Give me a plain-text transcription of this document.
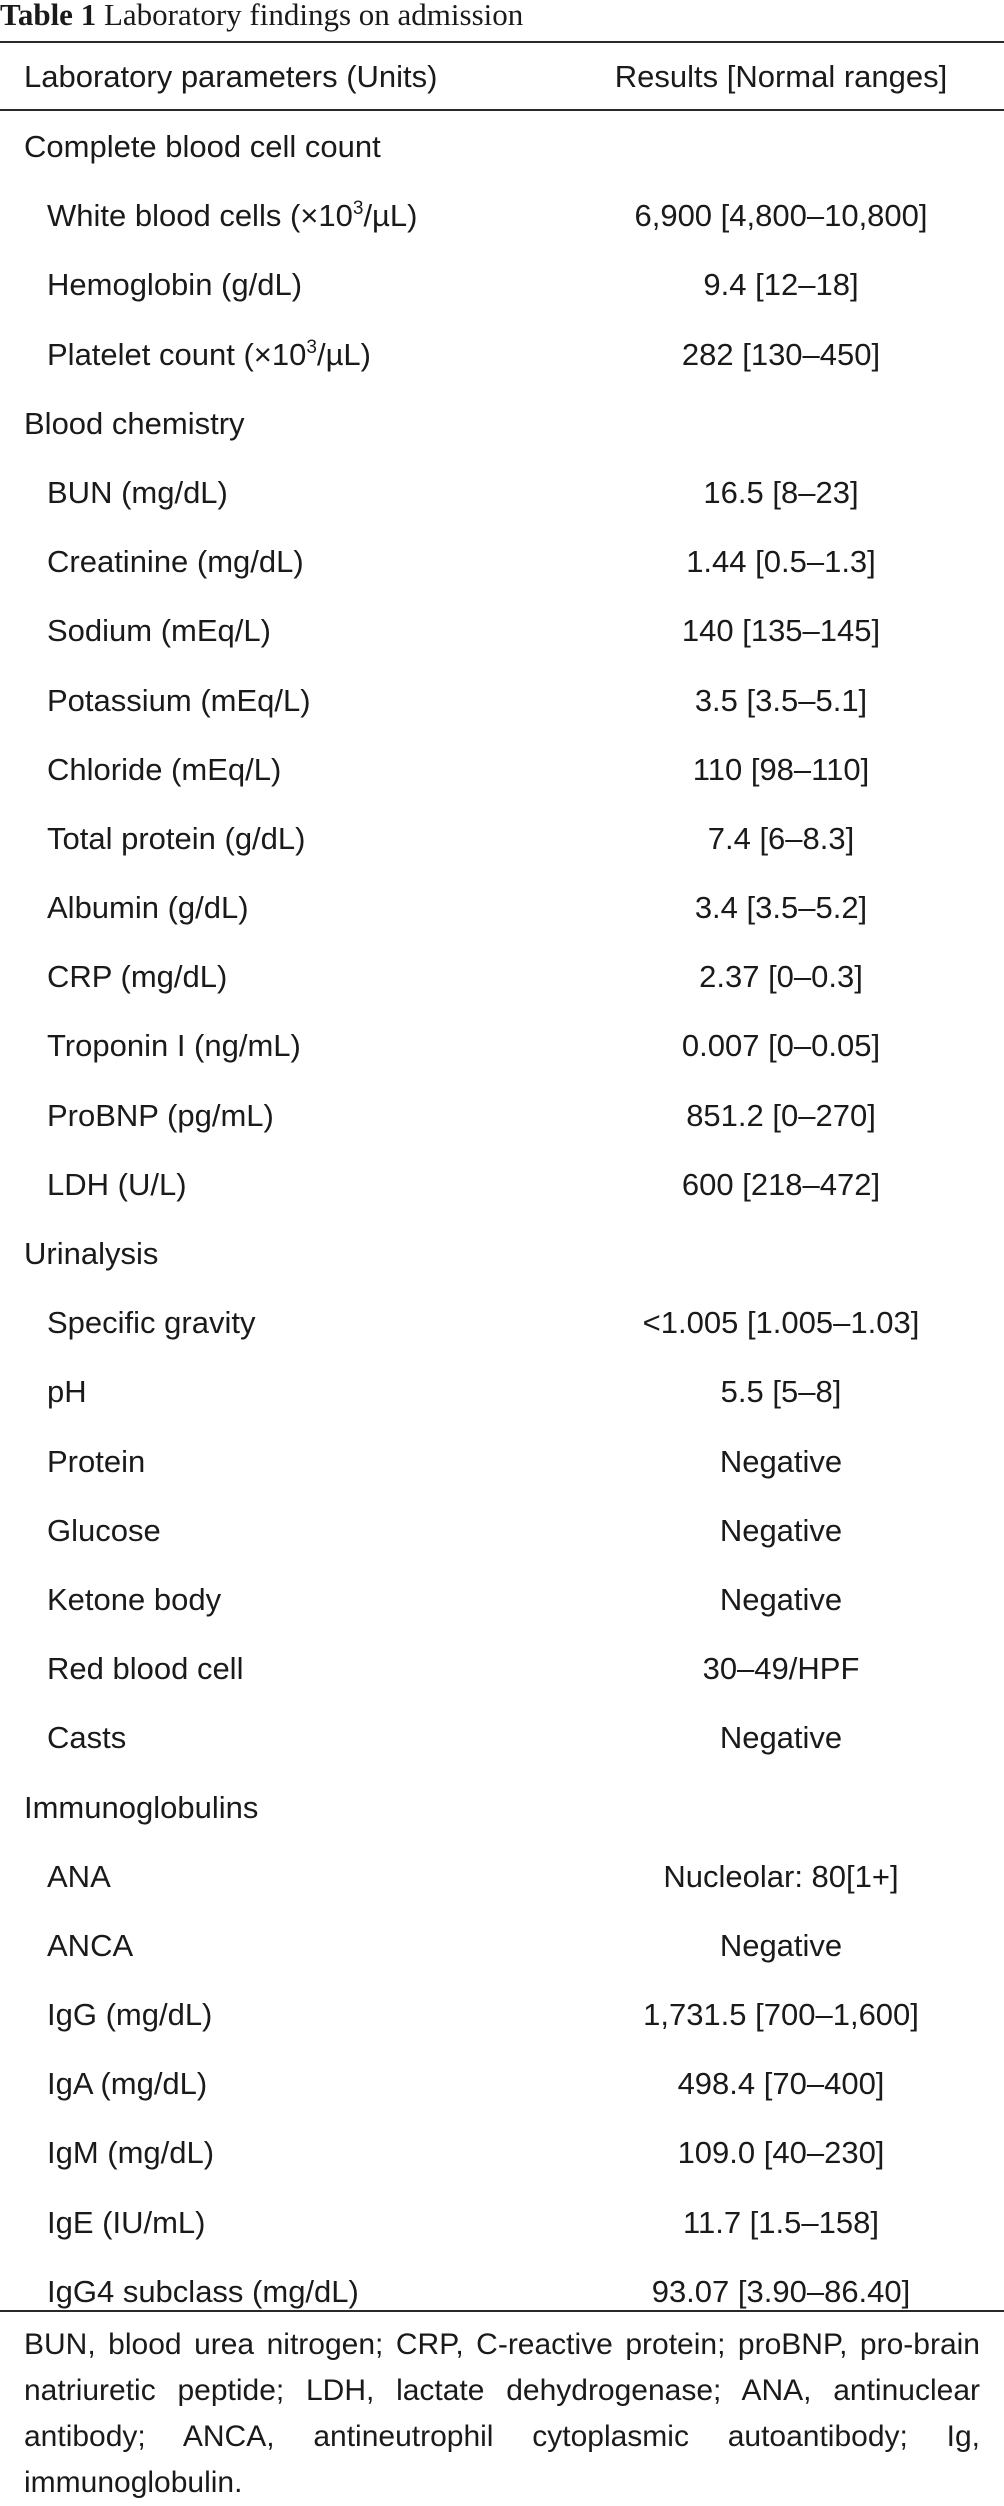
Table 1 Laboratory findings on admission
Laboratory parameters (Units)	Results [Normal ranges]
Complete blood cell count
White blood cells $(\times 10^3/\mu L)$	6,900 [4,800–10,800]
Hemoglobin (g/dL)	9.4 [12–18]
Platelet count $(\times 10^3/\mu L)$	282 [130–450]
Blood chemistry
BUN (mg/dL)	16.5 [8–23]
Creatinine (mg/dL)	1.44 [0.5–1.3]
Sodium (mEq/L)	140 [135–145]
Potassium (mEq/L)	3.5 [3.5–5.1]
Chloride (mEq/L)	110 [98–110]
Total protein (g/dL)	7.4 [6–8.3]
Albumin (g/dL)	3.4 [3.5–5.2]
CRP (mg/dL)	2.37 [0–0.3]
Troponin I (ng/mL)	0.007 [0–0.05]
ProBNP (pg/mL)	851.2 [0–270]
LDH (U/L)	600 [218–472]
Urinalysis
Specific gravity	<1.005 [1.005–1.03]
pH	5.5 [5–8]
Protein	Negative
Glucose	Negative
Ketone body	Negative
Red blood cell	30–49/HPF
Casts	Negative
Immunoglobulins
ANA	Nucleolar: 80[1+]
ANCA	Negative
IgG (mg/dL)	1,731.5 [700–1,600]
IgA (mg/dL)	498.4 [70–400]
IgM (mg/dL)	109.0 [40–230]
IgE (IU/mL)	11.7 [1.5–158]
IgG4 subclass (mg/dL)	93.07 [3.90–86.40]
BUN, blood urea nitrogen; CRP, C-reactive protein; proBNP, pro-brain natriuretic peptide; LDH, lactate dehydrogenase; ANA, antinuclear antibody; ANCA, antineutrophil cytoplasmic autoantibody; Ig, immunoglobulin.
